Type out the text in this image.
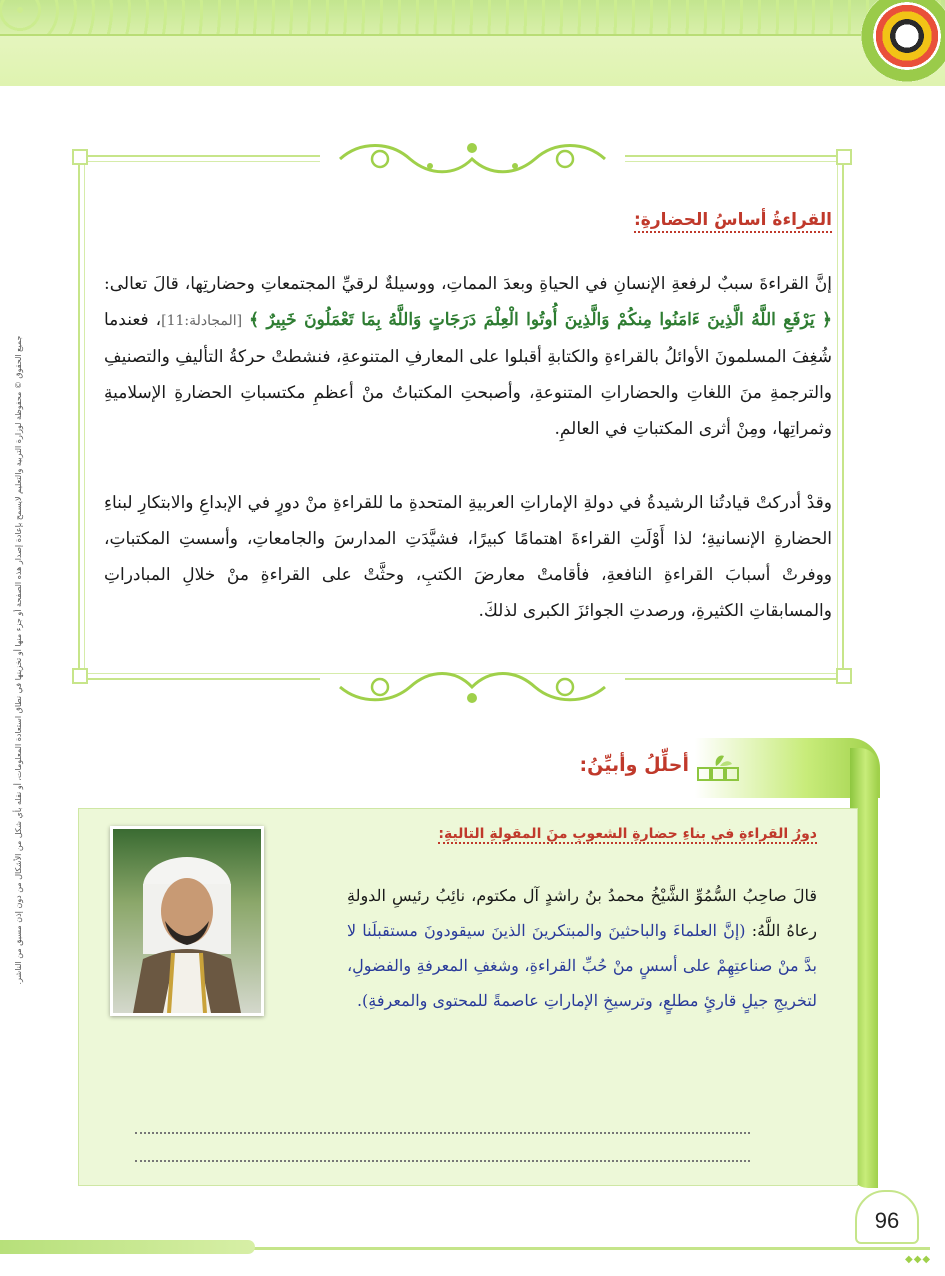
جميع الحقوق © محفوظة لوزارة التربية والتعليم لايسمح بإعادة إصدار هذه الصفحة أو جزء منها أو تخزينها في نطاق استعادة المعلومات، أو نقله بأي شكل من الأشكال من دون إذن مسبق من الناشر.
القراءةُ أساسُ الحضارةِ:
إنَّ القراءةَ سببٌ لرفعةِ الإنسانِ في الحياةِ وبعدَ المماتِ، ووسيلةٌ لرقيِّ المجتمعاتِ وحضارتِها، قالَ تعالى: ﴿ يَرْفَعِ اللَّهُ الَّذِينَ ءَامَنُوا مِنكُمْ وَالَّذِينَ أُوتُوا الْعِلْمَ دَرَجَاتٍ وَاللَّهُ بِمَا تَعْمَلُونَ خَبِيرٌ ﴾ [المجادلة:11]، فعندما شُغِفَ المسلمونَ الأوائلُ بالقراءةِ والكتابةِ أقبلوا على المعارفِ المتنوعةِ، فنشطتْ حركةُ التأليفِ والتصنيفِ والترجمةِ منَ اللغاتِ والحضاراتِ المتنوعةِ، وأصبحتِ المكتباتُ منْ أعظمِ مكتسباتِ الحضارةِ الإسلاميةِ وثمراتِها، ومِنْ أثرى المكتباتِ في العالمِ.
وقدْ أدركتْ قيادتُنا الرشيدةُ في دولةِ الإماراتِ العربيةِ المتحدةِ ما للقراءةِ منْ دورٍ في الإبداعِ والابتكارِ لبناءِ الحضارةِ الإنسانيةِ؛ لذا أَوْلَتِ القراءةَ اهتمامًا كبيرًا، فشيَّدَتِ المدارسَ والجامعاتِ، وأسستِ المكتباتِ، ووفرتْ أسبابَ القراءةِ النافعةِ، فأقامتْ معارضَ الكتبِ، وحثَّتْ على القراءةِ منْ خلالِ المبادراتِ والمسابقاتِ الكثيرةِ، ورصدتِ الجوائزَ الكبرى لذلكَ.
أحلِّلُ وأبيِّنُ:
دورُ القراءةِ في بناءِ حضارةِ الشعوبِ منَ المقولةِ التاليةِ:
قالَ صاحِبُ السُّمُوِّ الشَّيْخُ محمدُ بنُ راشدٍ آل مكتوم، نائِبُ رئيسِ الدولةِ رعاهُ اللَّهُ: (إنَّ العلماءَ والباحثينَ والمبتكرينَ الذينَ سيقودونَ مستقبلَنا لا بدَّ منْ صناعتِهِمْ على أسسٍ منْ حُبِّ القراءةِ، وشغفِ المعرفةِ والفضولِ، لتخريجِ جيلٍ قارئٍ مطلعٍ، وترسيخِ الإماراتِ عاصمةً للمحتوى والمعرفةِ).
96
◆◆◆
